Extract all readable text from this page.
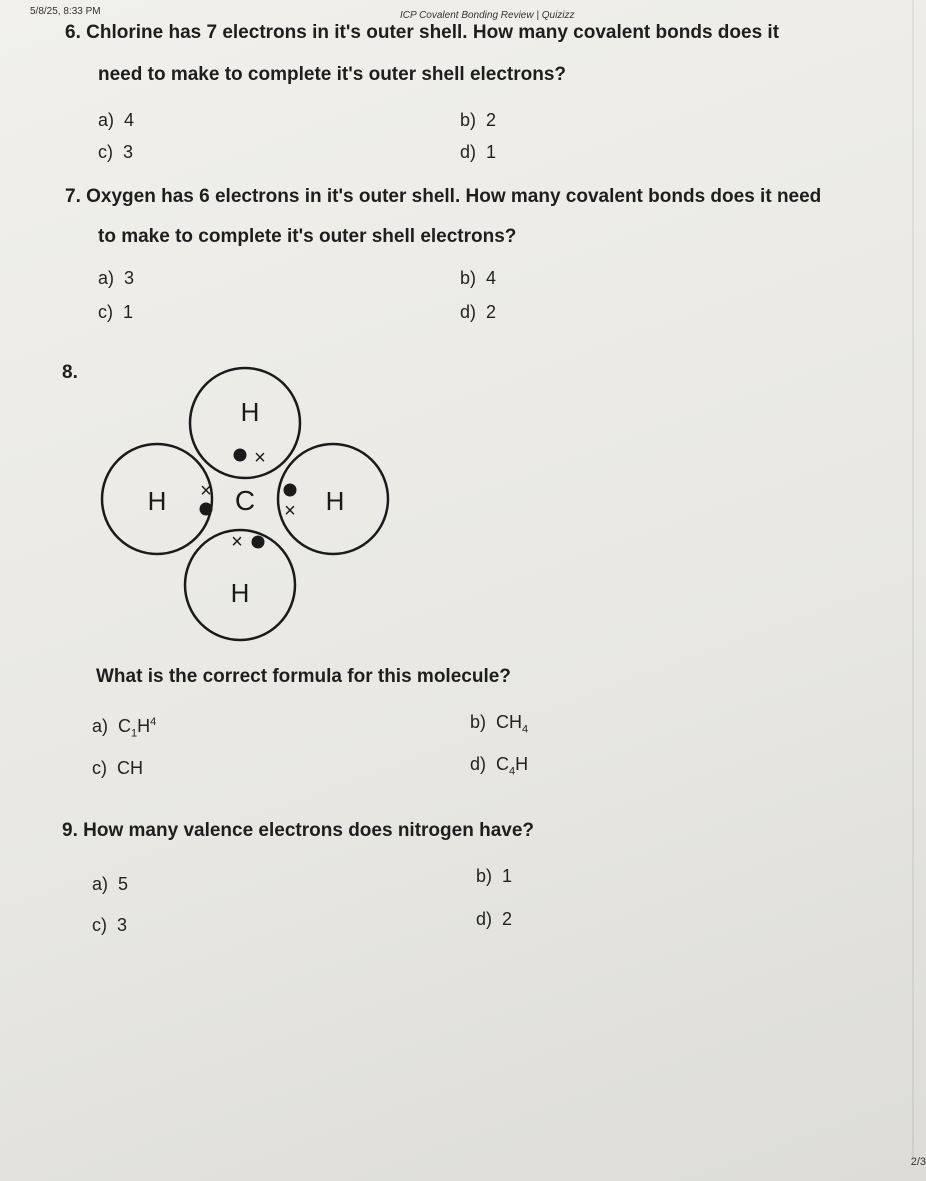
5/8/25, 8:33 PM	ICP Covalent Bonding Review | Quizizz
6. Chlorine has 7 electrons in it's outer shell. How many covalent bonds does it
need to make to complete it's outer shell electrons?
a) 4	b) 2
c) 3	d) 1
7. Oxygen has 6 electrons in it's outer shell. How many covalent bonds does it need
to make to complete it's outer shell electrons?
a) 3	b) 4
c) 1	d) 2
8.
H
H C	H
H
×
×
×
×
What is the correct formula for this molecule?
a) $C_1H^4$	b) $CH_4$
c) CH	d) $C_4H$
9. How many valence electrons does nitrogen have?
a) 5	b) 1
c) 3	d) 2
2/3
